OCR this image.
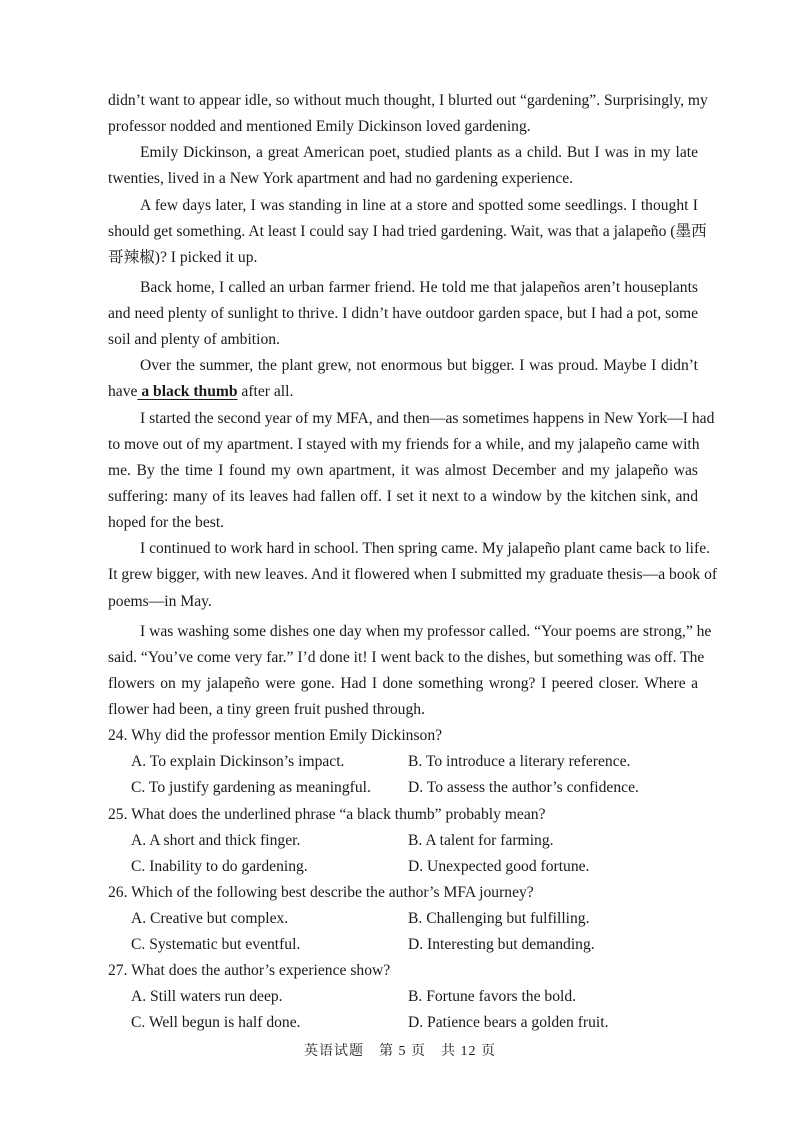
didn’t want to appear idle, so without much thought, I blurted out “gardening”. Surprisingly, my
professor nodded and mentioned Emily Dickinson loved gardening.
Emily Dickinson, a great American poet, studied plants as a child. But I was in my late
twenties, lived in a New York apartment and had no gardening experience.
A few days later, I was standing in line at a store and spotted some seedlings. I thought I
should get something. At least I could say I had tried gardening. Wait, was that a jalapeño (墨西
哥辣椒)? I picked it up.
Back home, I called an urban farmer friend. He told me that jalapeños aren’t houseplants
and need plenty of sunlight to thrive. I didn’t have outdoor garden space, but I had a pot, some
soil and plenty of ambition.
Over the summer, the plant grew, not enormous but bigger. I was proud. Maybe I didn’t
have a black thumb after all.
I started the second year of my MFA, and then—as sometimes happens in New York—I had
to move out of my apartment. I stayed with my friends for a while, and my jalapeño came with
me. By the time I found my own apartment, it was almost December and my jalapeño was
suffering: many of its leaves had fallen off. I set it next to a window by the kitchen sink, and
hoped for the best.
I continued to work hard in school. Then spring came. My jalapeño plant came back to life.
It grew bigger, with new leaves. And it flowered when I submitted my graduate thesis—a book of
poems—in May.
I was washing some dishes one day when my professor called. “Your poems are strong,” he
said. “You’ve come very far.” I’d done it! I went back to the dishes, but something was off. The
flowers on my jalapeño were gone. Had I done something wrong? I peered closer. Where a
flower had been, a tiny green fruit pushed through.
24. Why did the professor mention Emily Dickinson?
A. To explain Dickinson’s impact.	B. To introduce a literary reference.
C. To justify gardening as meaningful. D. To assess the author’s confidence.
25. What does the underlined phrase “a black thumb” probably mean?
A. A short and thick finger.	B. A talent for farming.
C. Inability to do gardening.	D. Unexpected good fortune.
26. Which of the following best describe the author’s MFA journey?
A. Creative but complex.	B. Challenging but fulfilling.
C. Systematic but eventful.	D. Interesting but demanding.
27. What does the author’s experience show?
A. Still waters run deep.	B. Fortune favors the bold.
C. Well begun is half done.	D. Patience bears a golden fruit.
英语试题　第 5 页　共 12 页
